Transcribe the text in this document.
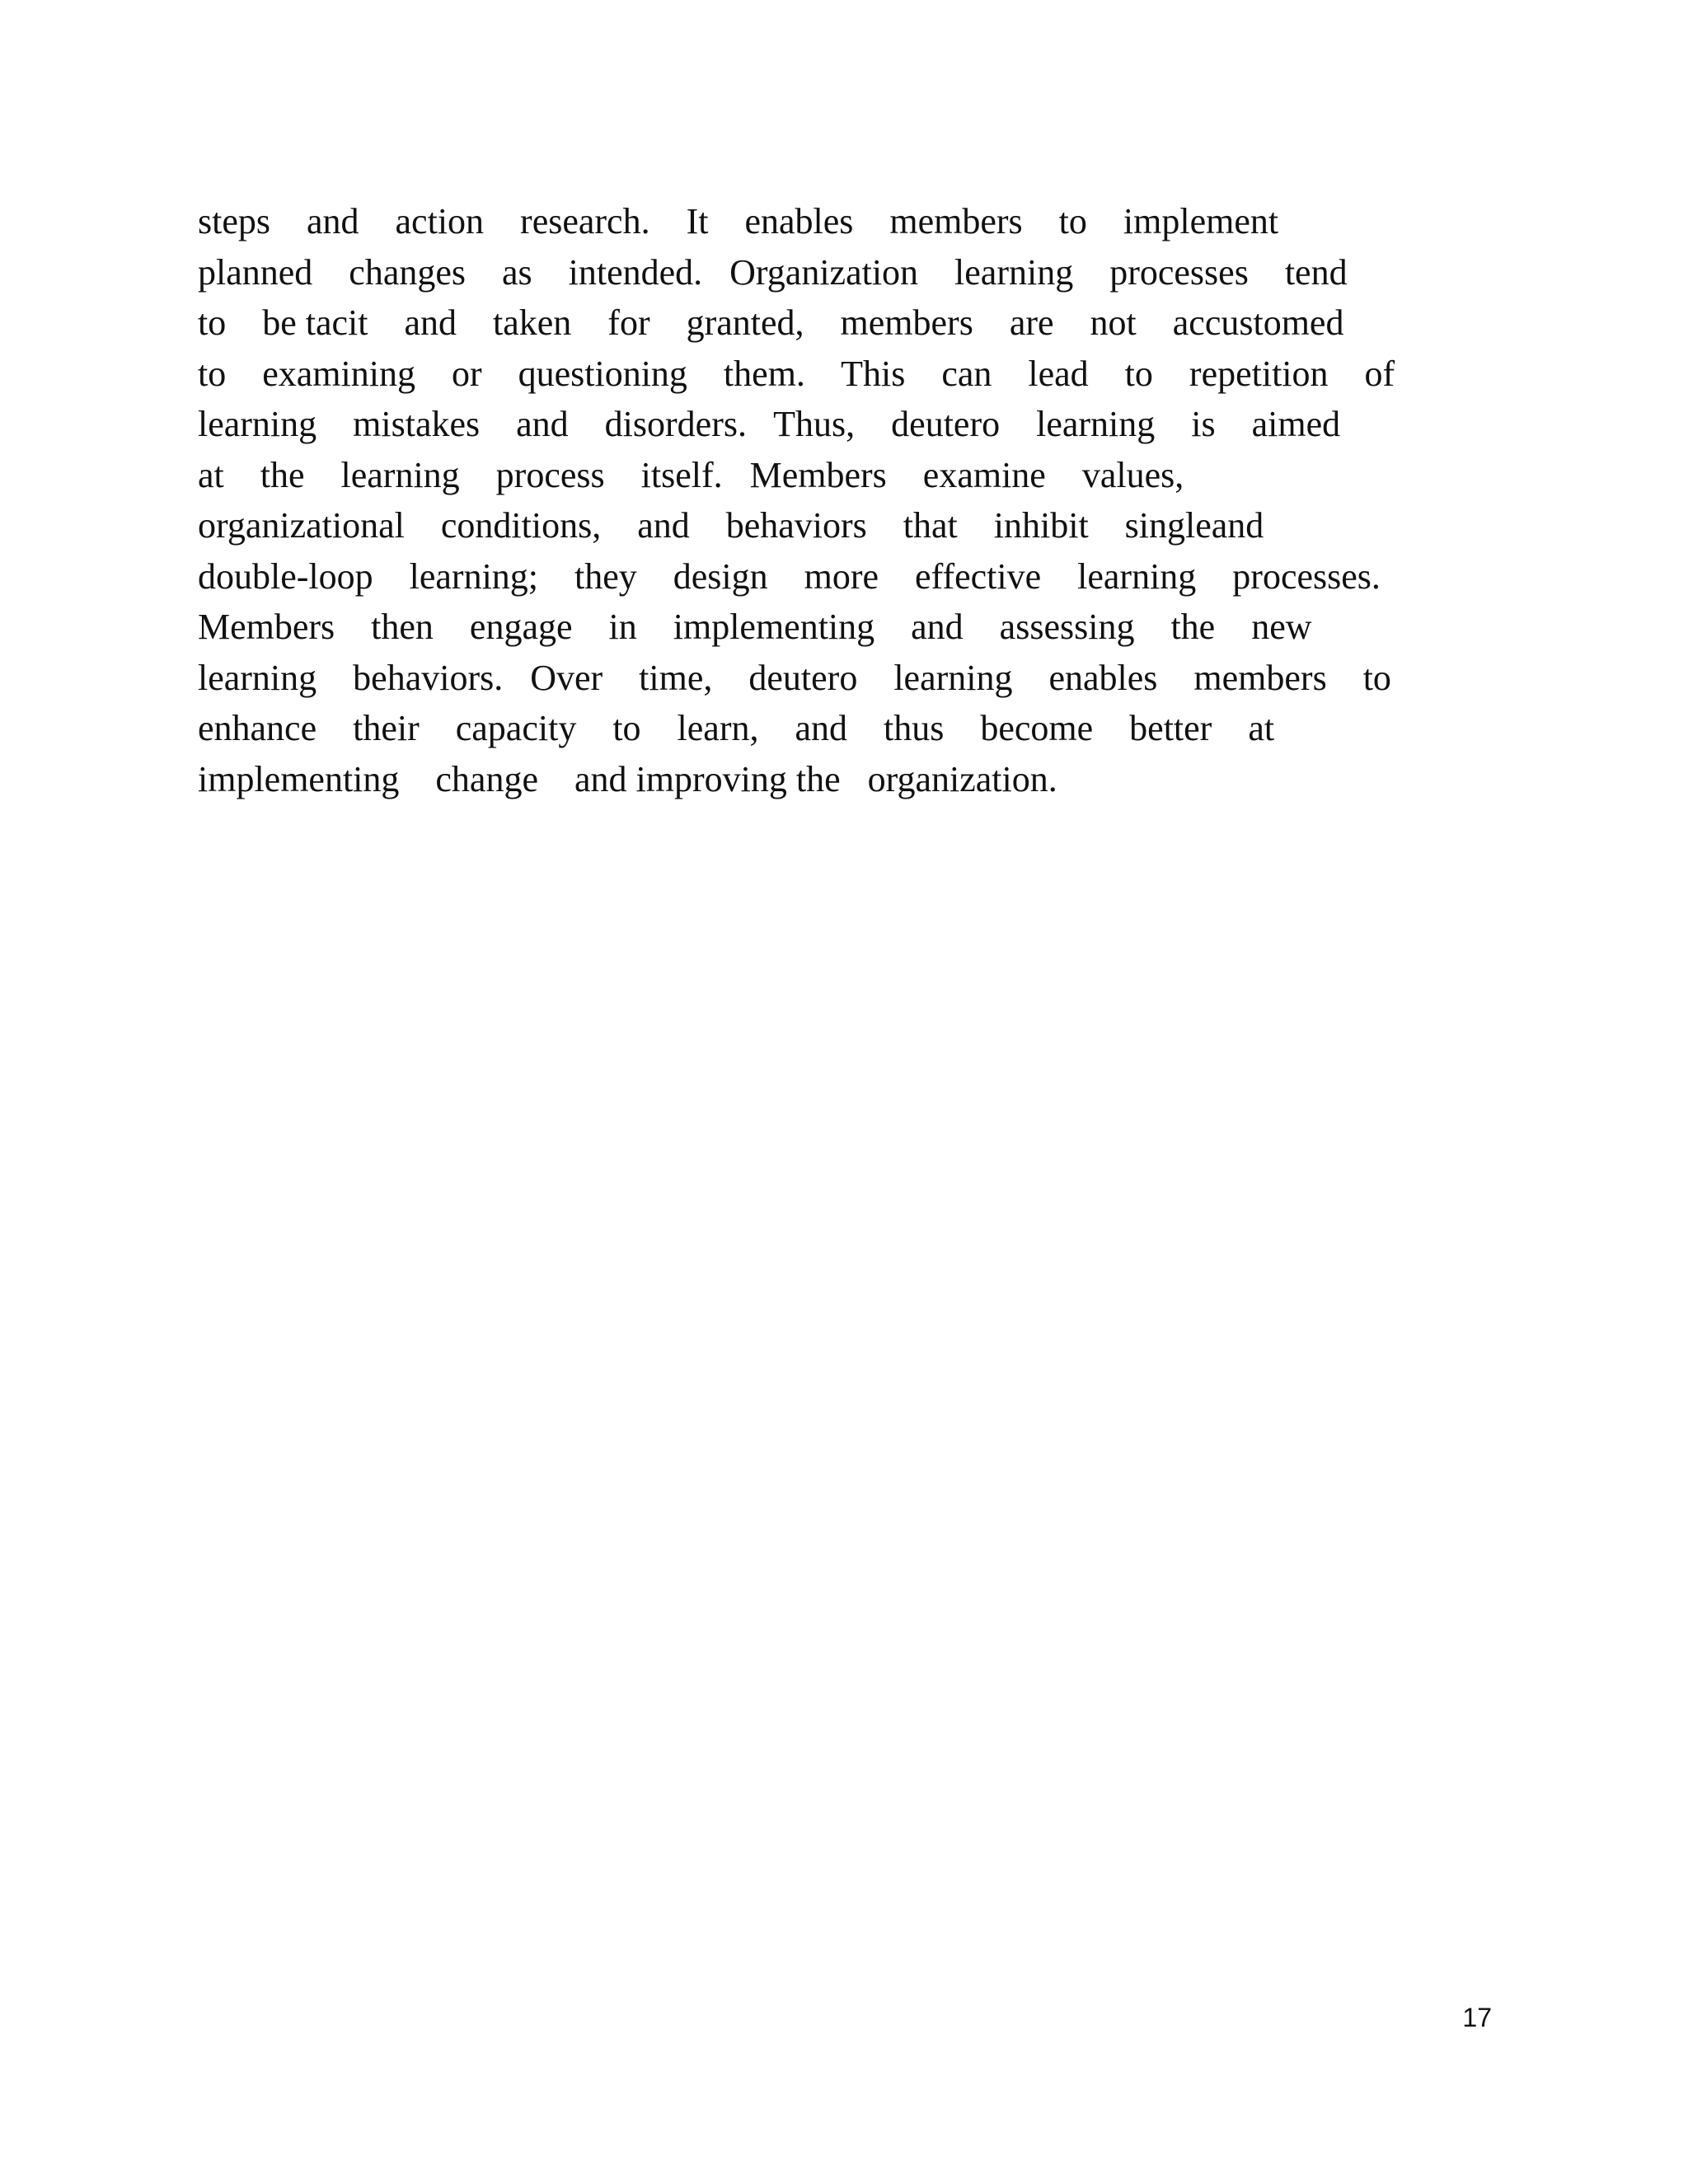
steps    and    action    research.    It    enables    members    to    implement
planned    changes    as    intended.   Organization    learning    processes    tend
to    be tacit    and    taken    for    granted,    members    are    not    accustomed
to    examining    or    questioning    them.    This    can    lead    to    repetition    of
learning    mistakes    and    disorders.   Thus,    deutero    learning    is    aimed
at    the    learning    process    itself.   Members    examine    values,
organizational    conditions,    and    behaviors    that    inhibit    singleand
double-loop    learning;    they    design    more    effective    learning    processes.
Members    then    engage    in    implementing    and    assessing    the    new
learning    behaviors.   Over    time,    deutero    learning    enables    members    to
enhance    their    capacity    to    learn,    and    thus    become    better    at
implementing    change    and improving the   organization.
17
